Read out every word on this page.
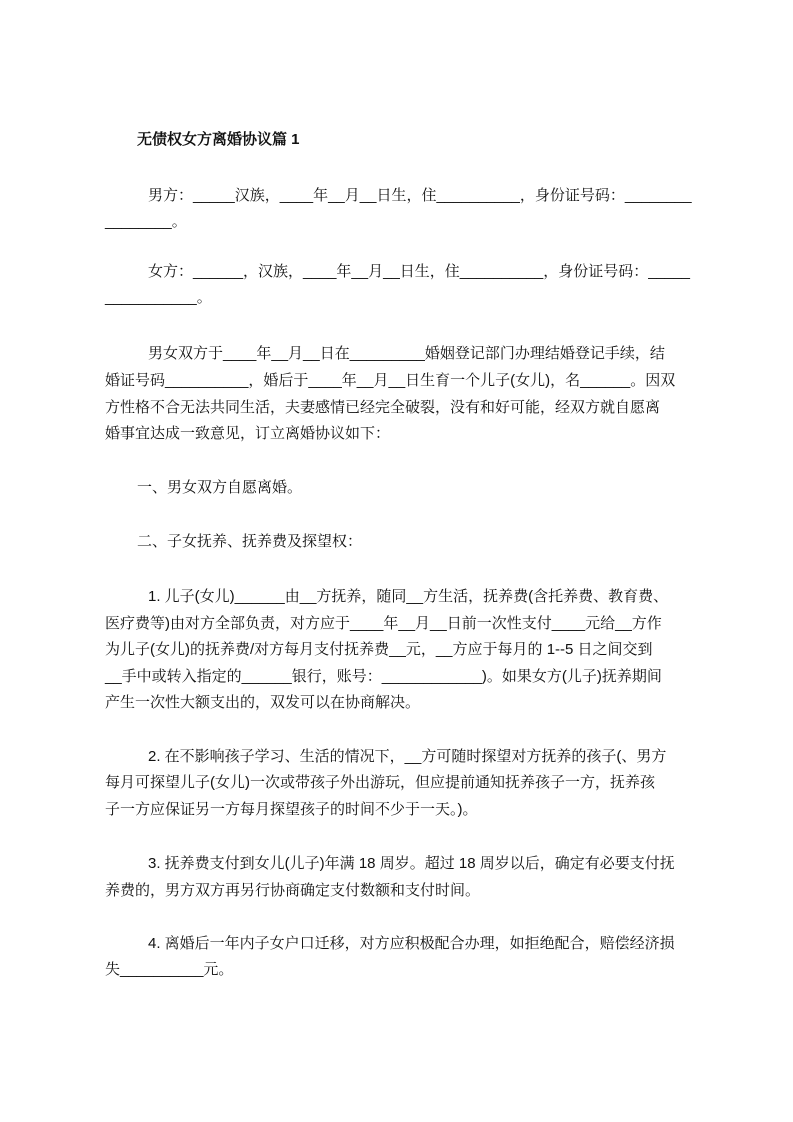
无债权女方离婚协议篇 1
男方：_____汉族，____年__月__日生，住__________，身份证号码：________
________。
女方：______，汉族，____年__月__日生，住__________，身份证号码：_____
___________。
男女双方于____年__月__日在_________婚姻登记部门办理结婚登记手续，结
婚证号码__________，婚后于____年__月__日生育一个儿子(女儿)，名______。因双
方性格不合无法共同生活，夫妻感情已经完全破裂，没有和好可能，经双方就自愿离
婚事宜达成一致意见，订立离婚协议如下：
一、男女双方自愿离婚。
二、子女抚养、抚养费及探望权：
1. 儿子(女儿)______由__方抚养，随同__方生活，抚养费(含托养费、教育费、
医疗费等)由对方全部负责，对方应于____年__月__日前一次性支付____元给__方作
为儿子(女儿)的抚养费/对方每月支付抚养费__元，__方应于每月的 1--5 日之间交到
__手中或转入指定的______银行，账号：____________)。如果女方(儿子)抚养期间
产生一次性大额支出的，双发可以在协商解决。
2. 在不影响孩子学习、生活的情况下，__方可随时探望对方抚养的孩子(、男方
每月可探望儿子(女儿)一次或带孩子外出游玩，但应提前通知抚养孩子一方，抚养孩
子一方应保证另一方每月探望孩子的时间不少于一天。)。
3. 抚养费支付到女儿(儿子)年满 18 周岁。超过 18 周岁以后，确定有必要支付抚
养费的，男方双方再另行协商确定支付数额和支付时间。
4. 离婚后一年内子女户口迁移，对方应积极配合办理，如拒绝配合，赔偿经济损
失__________元。
